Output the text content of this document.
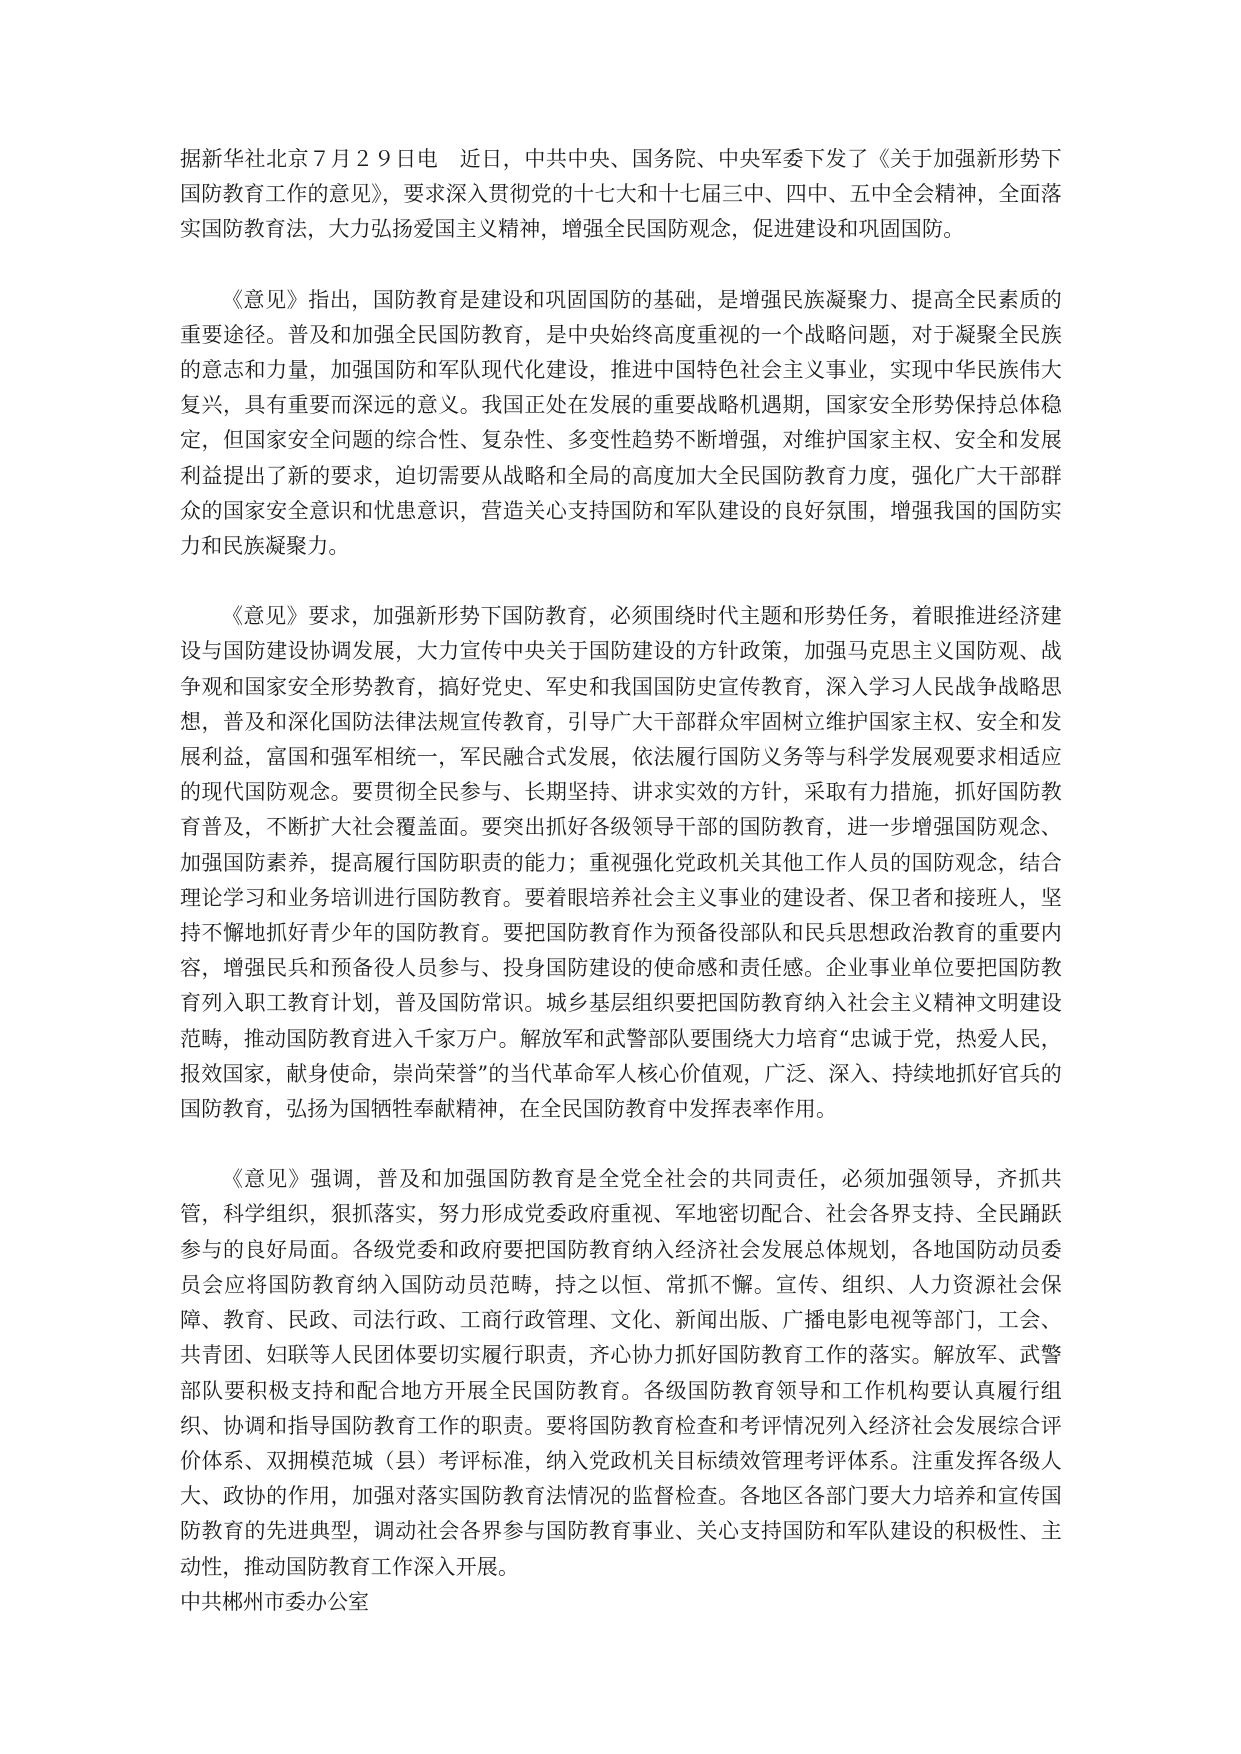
据新华社北京７月２９日电　近日，中共中央、国务院、中央军委下发了《关于加强新形势下国防教育工作的意见》，要求深入贯彻党的十七大和十七届三中、四中、五中全会精神，全面落实国防教育法，大力弘扬爱国主义精神，增强全民国防观念，促进建设和巩固国防。

《意见》指出，国防教育是建设和巩固国防的基础，是增强民族凝聚力、提高全民素质的重要途径。普及和加强全民国防教育，是中央始终高度重视的一个战略问题，对于凝聚全民族的意志和力量，加强国防和军队现代化建设，推进中国特色社会主义事业，实现中华民族伟大复兴，具有重要而深远的意义。我国正处在发展的重要战略机遇期，国家安全形势保持总体稳定，但国家安全问题的综合性、复杂性、多变性趋势不断增强，对维护国家主权、安全和发展利益提出了新的要求，迫切需要从战略和全局的高度加大全民国防教育力度，强化广大干部群众的国家安全意识和忧患意识，营造关心支持国防和军队建设的良好氛围，增强我国的国防实力和民族凝聚力。

《意见》要求，加强新形势下国防教育，必须围绕时代主题和形势任务，着眼推进经济建设与国防建设协调发展，大力宣传中央关于国防建设的方针政策，加强马克思主义国防观、战争观和国家安全形势教育，搞好党史、军史和我国国防史宣传教育，深入学习人民战争战略思想，普及和深化国防法律法规宣传教育，引导广大干部群众牢固树立维护国家主权、安全和发展利益，富国和强军相统一，军民融合式发展，依法履行国防义务等与科学发展观要求相适应的现代国防观念。要贯彻全民参与、长期坚持、讲求实效的方针，采取有力措施，抓好国防教育普及，不断扩大社会覆盖面。要突出抓好各级领导干部的国防教育，进一步增强国防观念、加强国防素养，提高履行国防职责的能力；重视强化党政机关其他工作人员的国防观念，结合理论学习和业务培训进行国防教育。要着眼培养社会主义事业的建设者、保卫者和接班人，坚持不懈地抓好青少年的国防教育。要把国防教育作为预备役部队和民兵思想政治教育的重要内容，增强民兵和预备役人员参与、投身国防建设的使命感和责任感。企业事业单位要把国防教育列入职工教育计划，普及国防常识。城乡基层组织要把国防教育纳入社会主义精神文明建设范畴，推动国防教育进入千家万户。解放军和武警部队要围绕大力培育“忠诚于党，热爱人民，报效国家，献身使命，崇尚荣誉”的当代革命军人核心价值观，广泛、深入、持续地抓好官兵的国防教育，弘扬为国牺牲奉献精神，在全民国防教育中发挥表率作用。

《意见》强调，普及和加强国防教育是全党全社会的共同责任，必须加强领导，齐抓共管，科学组织，狠抓落实，努力形成党委政府重视、军地密切配合、社会各界支持、全民踊跃参与的良好局面。各级党委和政府要把国防教育纳入经济社会发展总体规划，各地国防动员委员会应将国防教育纳入国防动员范畴，持之以恒、常抓不懈。宣传、组织、人力资源社会保障、教育、民政、司法行政、工商行政管理、文化、新闻出版、广播电影电视等部门，工会、共青团、妇联等人民团体要切实履行职责，齐心协力抓好国防教育工作的落实。解放军、武警部队要积极支持和配合地方开展全民国防教育。各级国防教育领导和工作机构要认真履行组织、协调和指导国防教育工作的职责。要将国防教育检查和考评情况列入经济社会发展综合评价体系、双拥模范城（县）考评标准，纳入党政机关目标绩效管理考评体系。注重发挥各级人大、政协的作用，加强对落实国防教育法情况的监督检查。各地区各部门要大力培养和宣传国防教育的先进典型，调动社会各界参与国防教育事业、关心支持国防和军队建设的积极性、主动性，推动国防教育工作深入开展。

中共郴州市委办公室
